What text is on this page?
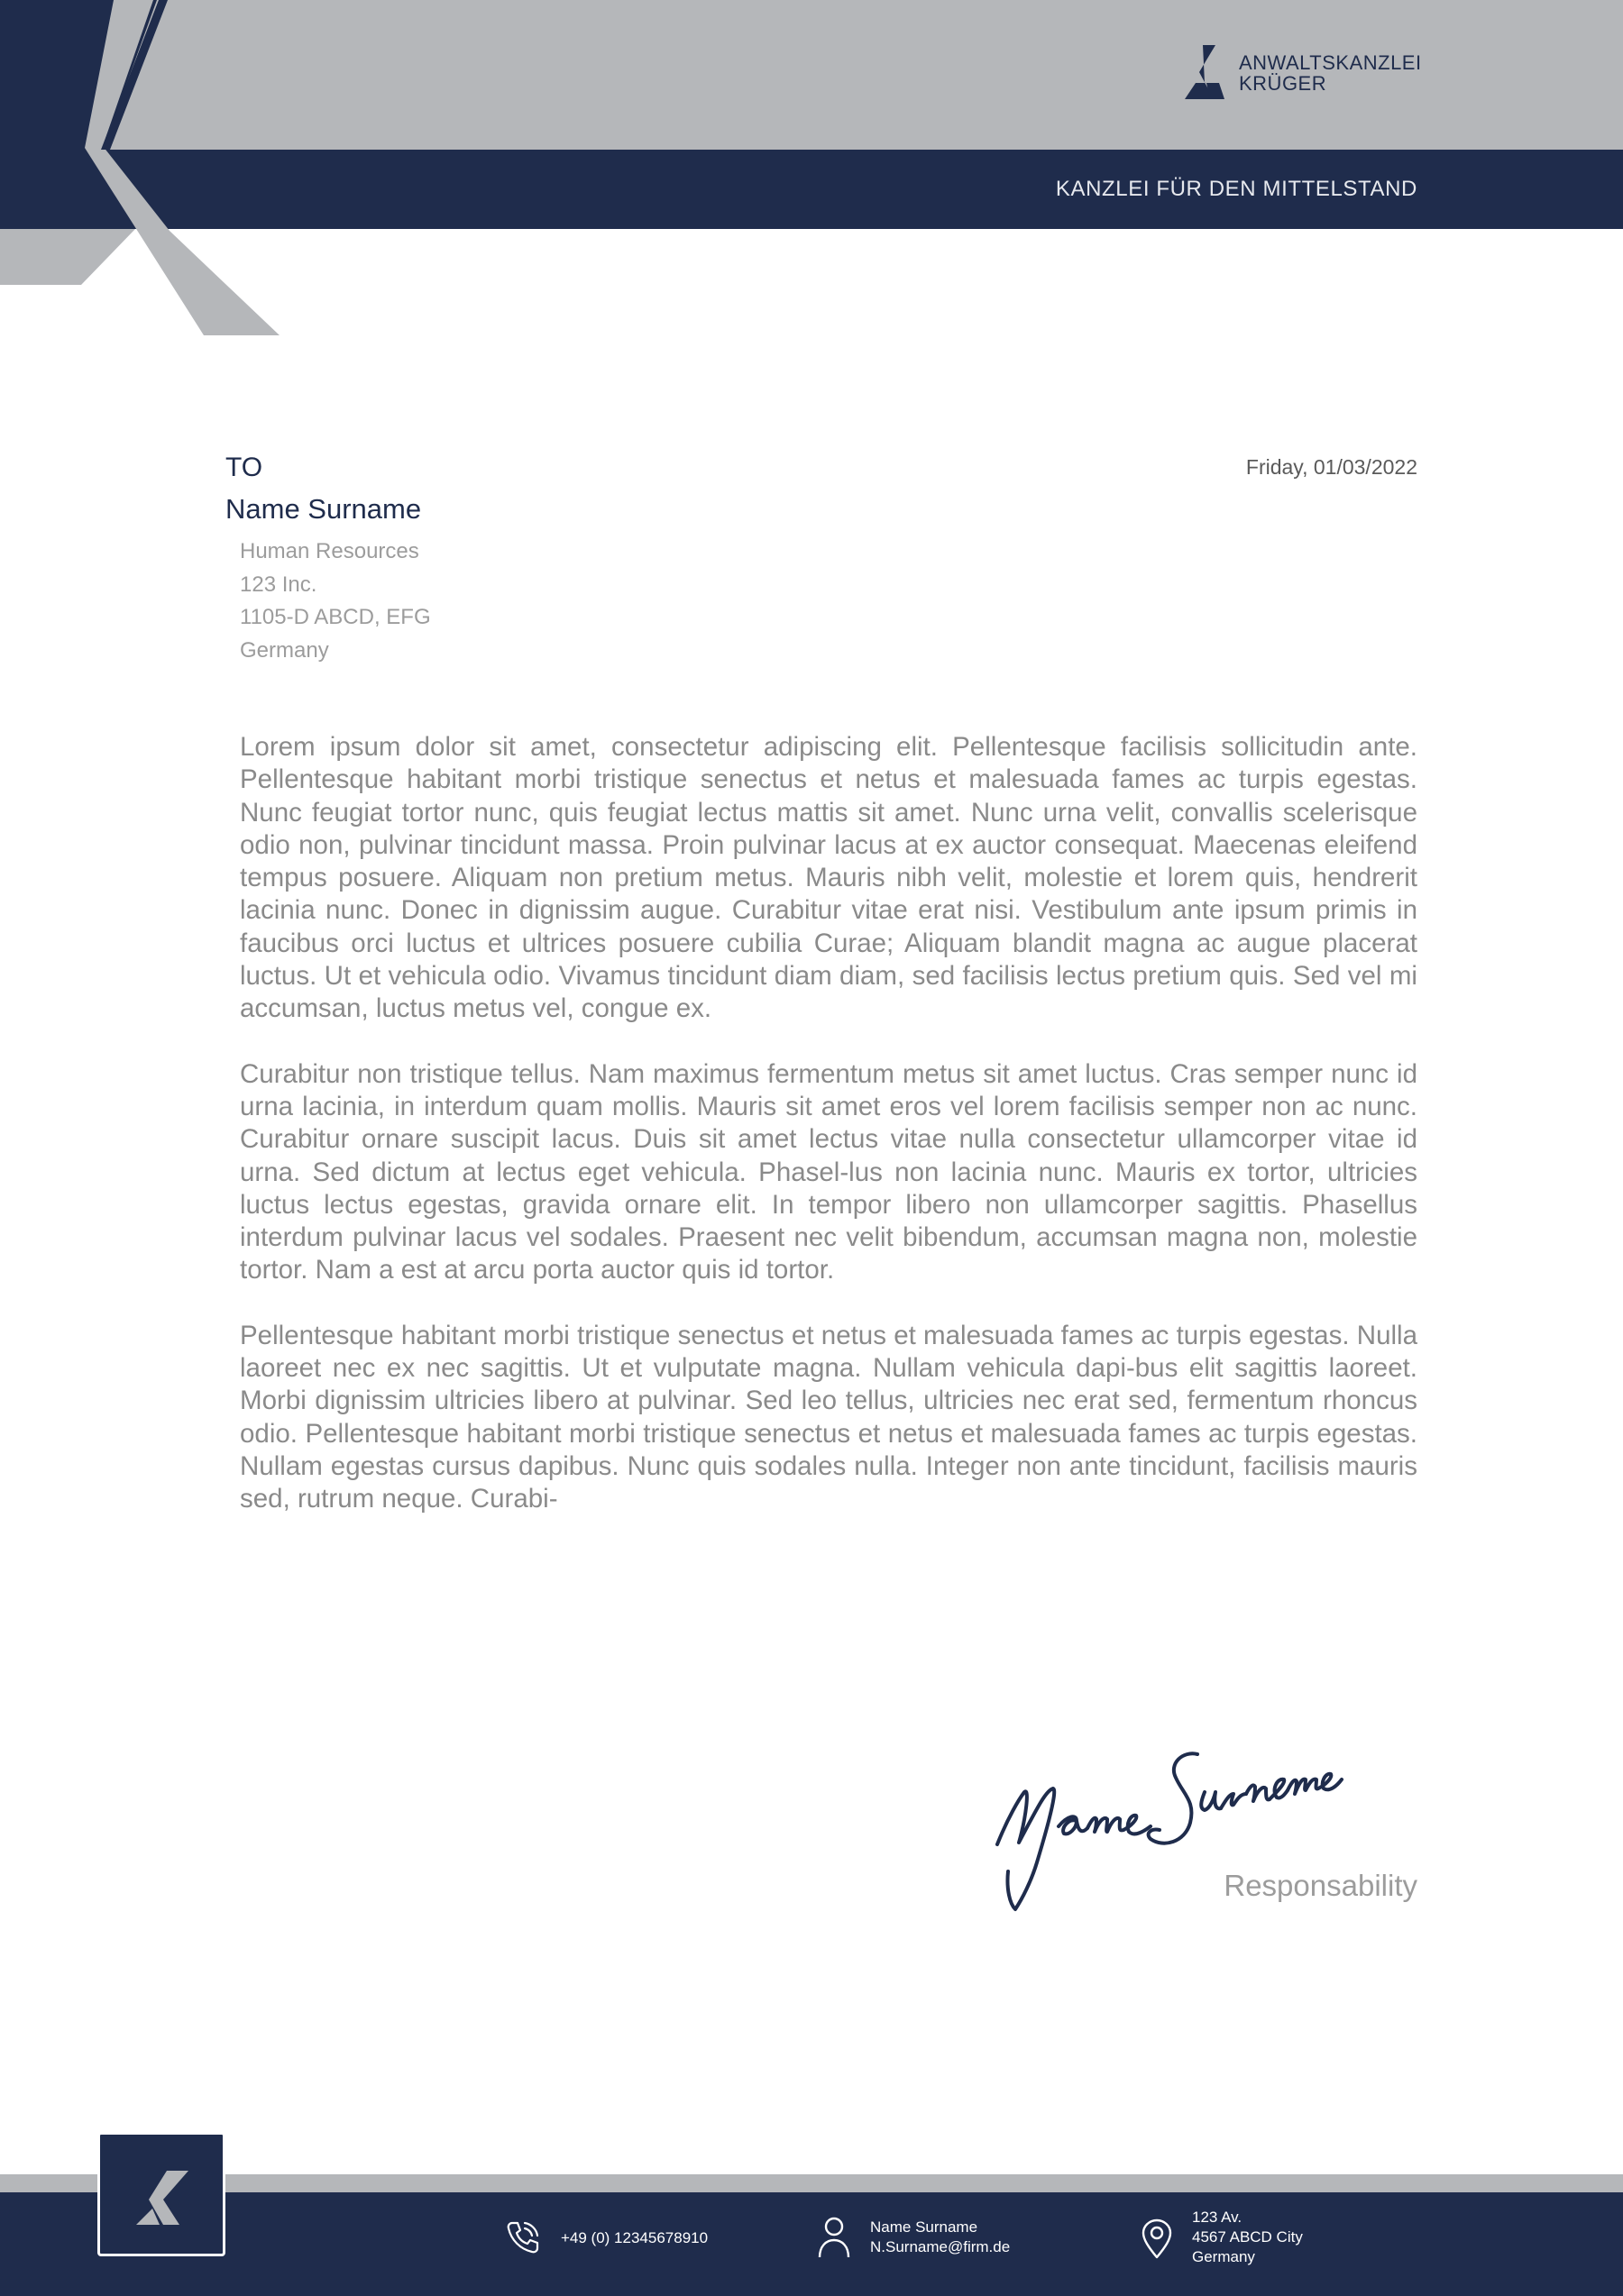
ANWALTSKANZLEI
KRÜGER
KANZLEI FÜR DEN MITTELSTAND
TO
Name Surname
Human Resources
123 Inc.
1105-D ABCD, EFG
Germany
Friday, 01/03/2022

Lorem ipsum dolor sit amet, consectetur adipiscing elit. Pellentesque facilisis sollicitudin ante. Pellentesque habitant morbi tristique senectus et netus et malesuada fames ac turpis egestas. Nunc feugiat tortor nunc, quis feugiat lectus mattis sit amet. Nunc urna velit, convallis scelerisque odio non, pulvinar tincidunt massa. Proin pulvinar lacus at ex auctor consequat. Maecenas eleifend tempus posuere. Aliquam non pretium metus. Mauris nibh velit, molestie et lorem quis, hendrerit lacinia nunc. Donec in dignissim augue. Curabitur vitae erat nisi. Vestibulum ante ipsum primis in faucibus orci luctus et ultrices posuere cubilia Curae; Aliquam blandit magna ac augue placerat luctus. Ut et vehicula odio. Vivamus tincidunt diam diam, sed facilisis lectus pretium quis. Sed vel mi accumsan, luctus metus vel, congue ex.

Curabitur non tristique tellus. Nam maximus fermentum metus sit amet luctus. Cras semper nunc id urna lacinia, in interdum quam mollis. Mauris sit amet eros vel lorem facilisis semper non ac nunc. Curabitur ornare suscipit lacus. Duis sit amet lectus vitae nulla consectetur ullamcorper vitae id urna. Sed dictum at lectus eget vehicula. Phasel-lus non lacinia nunc. Mauris ex tortor, ultricies luctus lectus egestas, gravida ornare elit. In tempor libero non ullamcorper sagittis. Phasellus interdum pulvinar lacus vel sodales. Praesent nec velit bibendum, accumsan magna non, molestie tortor. Nam a est at arcu porta auctor quis id tortor.

Pellentesque habitant morbi tristique senectus et netus et malesuada fames ac turpis egestas. Nulla laoreet nec ex nec sagittis. Ut et vulputate magna. Nullam vehicula dapi-bus elit sagittis laoreet. Morbi dignissim ultricies libero at pulvinar. Sed leo tellus, ultricies nec erat sed, fermentum rhoncus odio. Pellentesque habitant morbi tristique senectus et netus et malesuada fames ac turpis egestas. Nullam egestas cursus dapibus. Nunc quis sodales nulla. Integer non ante tincidunt, facilisis mauris sed, rutrum neque. Curabi-

Responsability
+49 (0) 12345678910
Name Surname
N.Surname@firm.de
123 Av.
4567 ABCD City
Germany
